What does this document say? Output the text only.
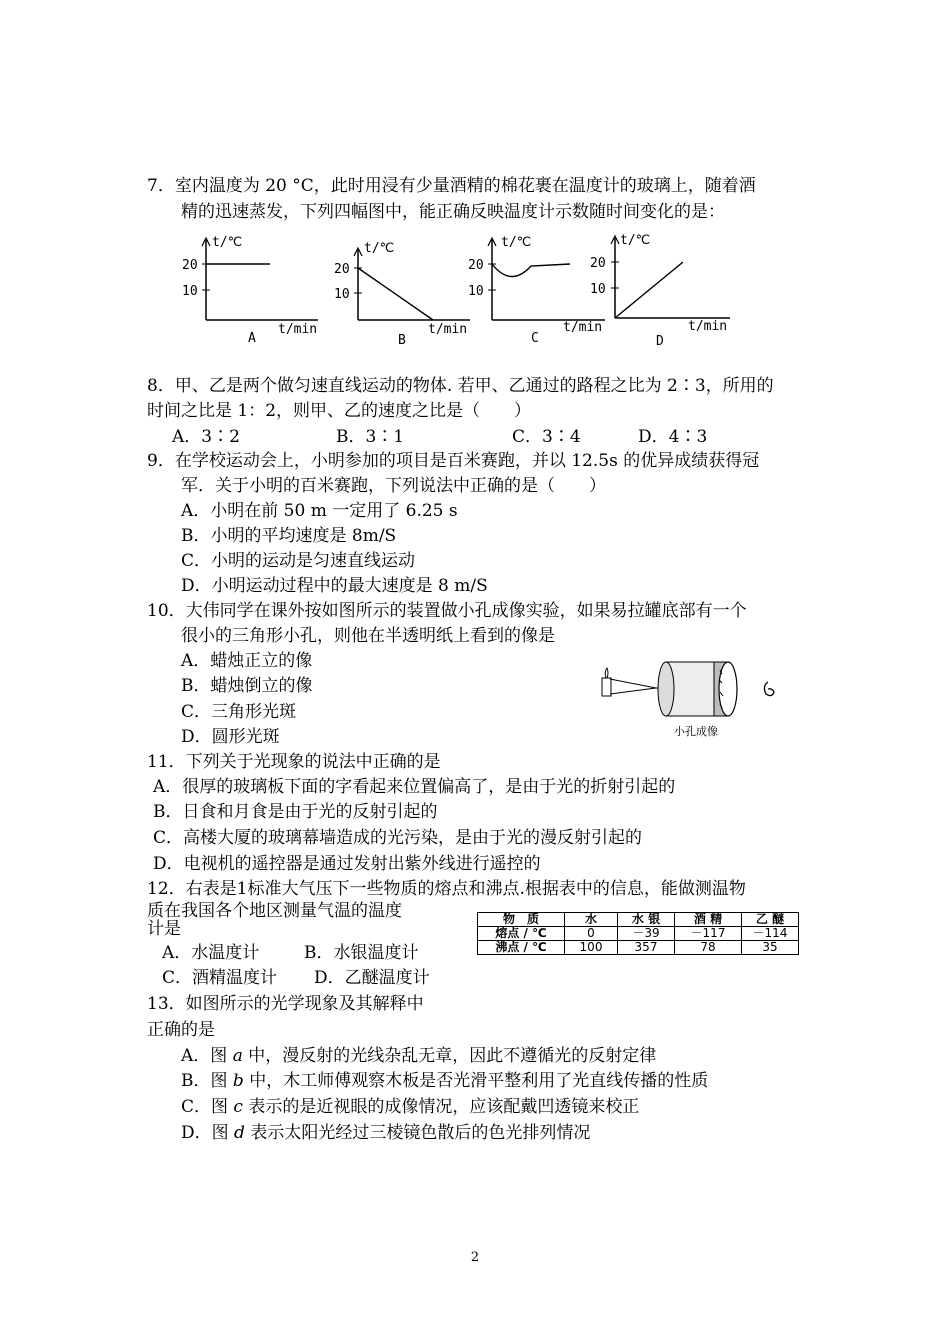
7．室内温度为 20 °C，此时用浸有少量酒精的棉花裹在温度计的玻璃上，随着酒
精的迅速蒸发，下列四幅图中，能正确反映温度计示数随时间变化的是：
t/℃
20
10
t/min
A
t/℃
20
10
t/min
B
t/℃
20
10
t/min
C
t/℃
20
10
t/min
D
8．甲、乙是两个做匀速直线运动的物体. 若甲、乙通过的路程之比为 2∶3，所用的
时间之比是 1：2，则甲、乙的速度之比是（　　）
A．3∶2	B．3∶1	C．3∶4	D．4∶3
9．在学校运动会上，小明参加的项目是百米赛跑，并以 12.5s 的优异成绩获得冠
军．关于小明的百米赛跑，下列说法中正确的是（　　）
A．小明在前 50 m 一定用了 6.25 s
B．小明的平均速度是 8m/S
C．小明的运动是匀速直线运动
D．小明运动过程中的最大速度是 8 m/S
10．大伟同学在课外按如图所示的装置做小孔成像实验，如果易拉罐底部有一个
很小的三角形小孔，则他在半透明纸上看到的像是
A．蜡烛正立的像
B．蜡烛倒立的像
C．三角形光斑
D．圆形光斑	小孔成像
11．下列关于光现象的说法中正确的是
A．很厚的玻璃板下面的字看起来位置偏高了，是由于光的折射引起的
B．日食和月食是由于光的反射引起的
C．高楼大厦的玻璃幕墙造成的光污染，是由于光的漫反射引起的
D．电视机的遥控器是通过发射出紫外线进行遥控的
12．右表是1标准大气压下一些物质的熔点和沸点.根据表中的信息，能做测温物
质在我国各个地区测量气温的温度
计是
A．水温度计	B．水银温度计
C．酒精温度计 D．乙醚温度计
物　质	水	水 银	酒 精	乙 醚
熔点 / ℃	0	－39	－117	－114
沸点 / ℃	100	357	78	35
13．如图所示的光学现象及其解释中
正确的是
A．图 a 中，漫反射的光线杂乱无章，因此不遵循光的反射定律
B．图 b 中，木工师傅观察木板是否光滑平整利用了光直线传播的性质
C．图 c 表示的是近视眼的成像情况，应该配戴凹透镜来校正
D．图 d 表示太阳光经过三棱镜色散后的色光排列情况
2
